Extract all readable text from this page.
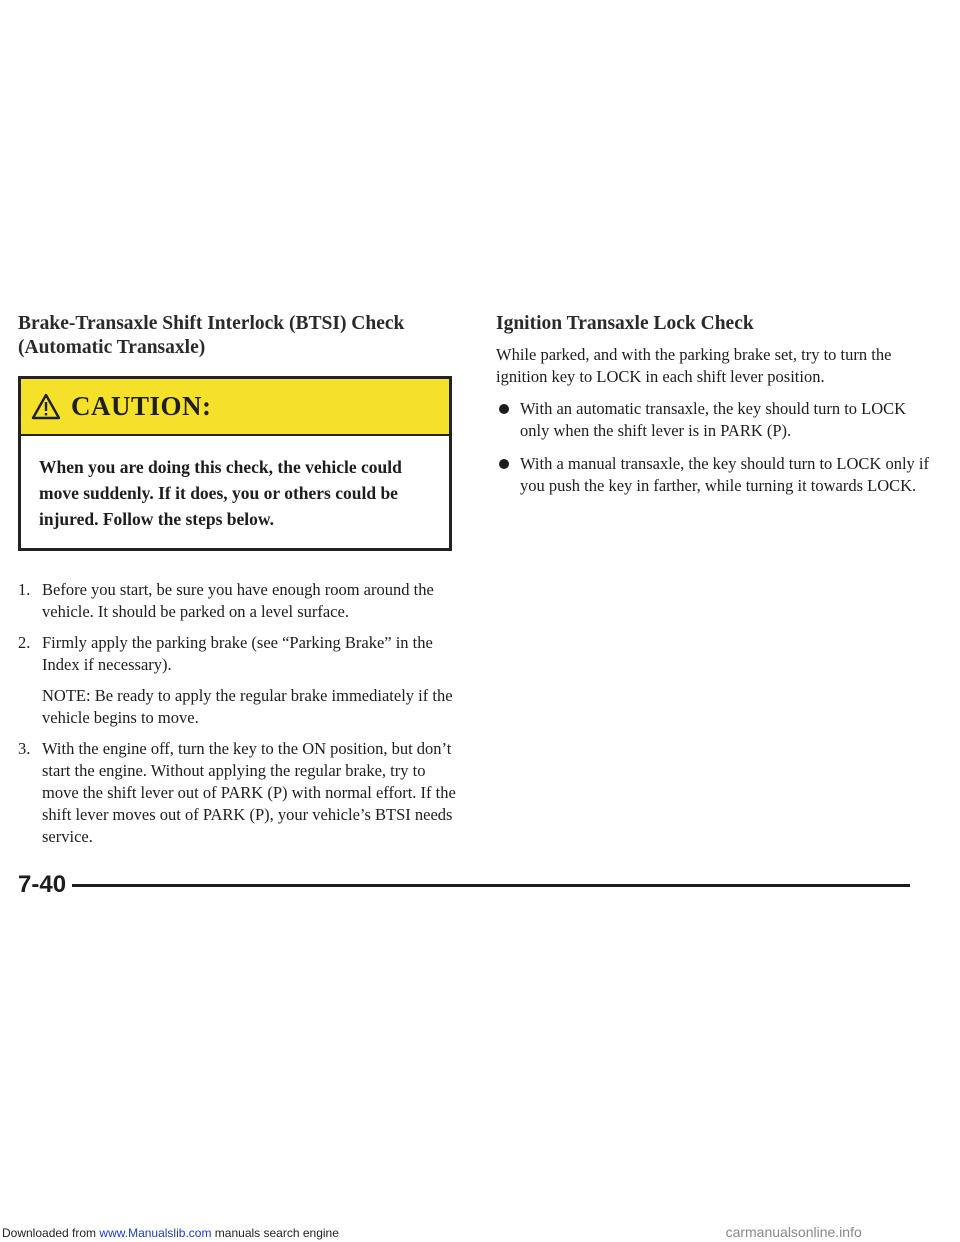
Brake-Transaxle Shift Interlock (BTSI) Check (Automatic Transaxle)
CAUTION:
When you are doing this check, the vehicle could move suddenly. If it does, you or others could be injured. Follow the steps below.
1. Before you start, be sure you have enough room around the vehicle. It should be parked on a level surface.
2. Firmly apply the parking brake (see “Parking Brake” in the Index if necessary).
NOTE: Be ready to apply the regular brake immediately if the vehicle begins to move.
3. With the engine off, turn the key to the ON position, but don’t start the engine. Without applying the regular brake, try to move the shift lever out of PARK (P) with normal effort. If the shift lever moves out of PARK (P), your vehicle’s BTSI needs service.
Ignition Transaxle Lock Check
While parked, and with the parking brake set, try to turn the ignition key to LOCK in each shift lever position.
With an automatic transaxle, the key should turn to LOCK only when the shift lever is in PARK (P).
With a manual transaxle, the key should turn to LOCK only if you push the key in farther, while turning it towards LOCK.
7-40
Downloaded from www.Manualslib.com manuals search engine	carmanualsonline.info
